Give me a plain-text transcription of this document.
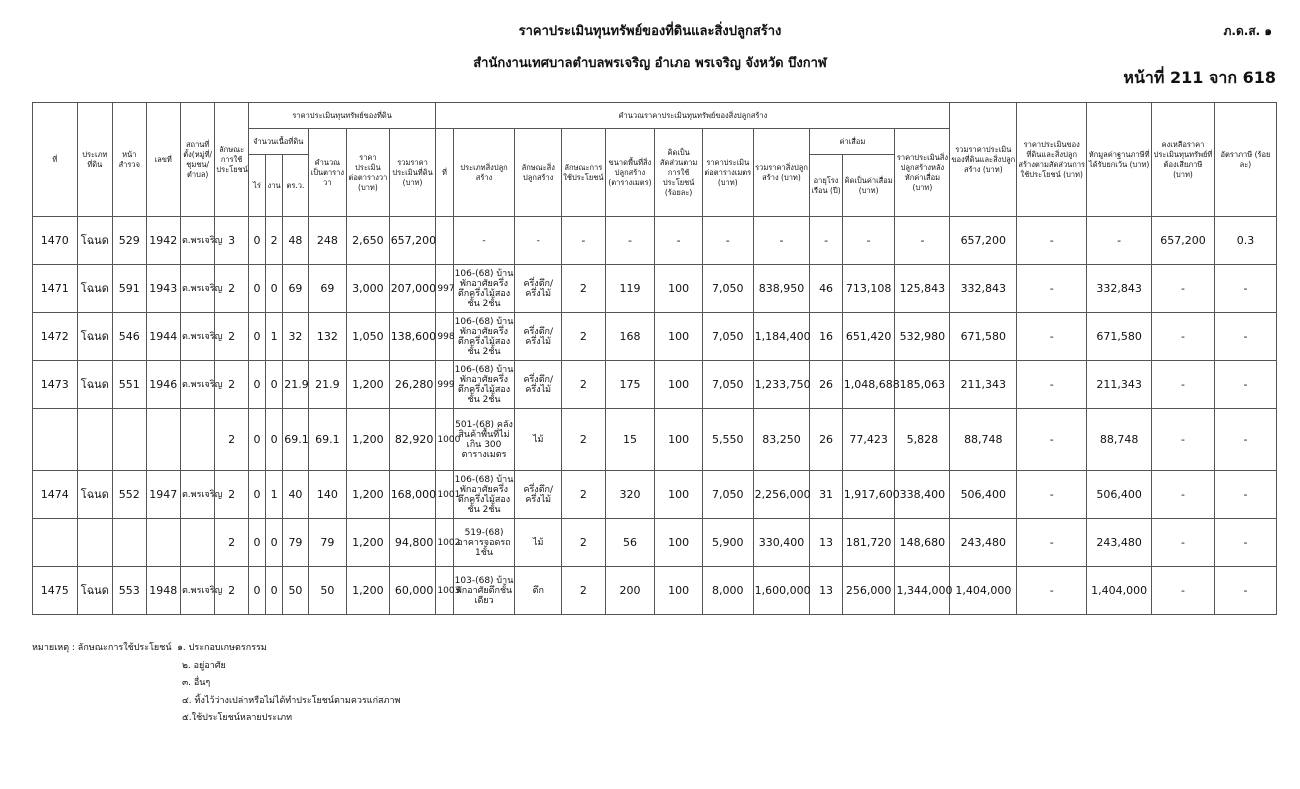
ราคาประเมินทุนทรัพย์ของที่ดินและสิ่งปลูกสร้าง
สำนักงานเทศบาลตำบลพรเจริญ อำเภอ พรเจริญ จังหวัด บึงกาฬ
ภ.ด.ส. ๑
หน้าที่ 211 จาก 618
ที่	ประเภทที่ดิน	หน้าสำรวจ	เลขที่	สถานที่ตั้ง(หมู่ที่/ชุมชน/ตำบล)	ลักษณะการใช้ประโยชน์	ราคาประเมินทุนทรัพย์ของที่ดิน						คำนวณราคาประเมินทุนทรัพย์ของสิ่งปลูกสร้าง											รวมราคาประเมินของที่ดินและสิ่งปลูกสร้าง (บาท)	ราคาประเมินของที่ดินและสิ่งปลูกสร้างตามสัดส่วนการใช้ประโยชน์ (บาท)	หักมูลค่าฐานภาษีที่ได้รับยกเว้น (บาท)	คงเหลือราคาประเมินทุนทรัพย์ที่ต้องเสียภาษี (บาท)	อัตราภาษี (ร้อยละ)
						จำนวนเนื้อที่ดิน			คำนวณเป็นตารางวา	ราคาประเมินต่อตารางวา (บาท)	รวมราคาประเมินที่ดิน (บาท)	ที่	ประเภทสิ่งปลูกสร้าง	ลักษณะสิ่งปลูกสร้าง	ลักษณะการใช้ประโยชน์	ขนาดพื้นที่สิ่งปลูกสร้าง (ตารางเมตร)	คิดเป็นสัดส่วนตามการใช้ประโยชน์ (ร้อยละ)	ราคาประเมินต่อตารางเมตร (บาท)	รวมราคาสิ่งปลูกสร้าง (บาท)	ค่าเสื่อม		ราคาประเมินสิ่งปลูกสร้างหลังหักค่าเสื่อม (บาท)					
						ไร่	งาน	ตร.ว.												อายุโรงเรือน (ปี)	คิดเป็นค่าเสื่อม (บาท)						
1470	โฉนด	529	1942	ต.พรเจริญ	3	0	2	48	248	2,650	657,200		-	-	-	-	-	-	-	-	-	-	657,200	-	-	657,200	0.3
1471	โฉนด	591	1943	ต.พรเจริญ	2	0	0	69	69	3,000	207,000	997	106-(68) บ้านพักอาศัยครึ่งตึกครึ่งไม้สองชั้น 2ชั้น	ครึ่งตึก/ครึ่งไม้	2	119	100	7,050	838,950	46	713,108	125,843	332,843	-	332,843	-	-
1472	โฉนด	546	1944	ต.พรเจริญ	2	0	1	32	132	1,050	138,600	998	106-(68) บ้านพักอาศัยครึ่งตึกครึ่งไม้สองชั้น 2ชั้น	ครึ่งตึก/ครึ่งไม้	2	168	100	7,050	1,184,400	16	651,420	532,980	671,580	-	671,580	-	-
1473	โฉนด	551	1946	ต.พรเจริญ	2	0	0	21.9	21.9	1,200	26,280	999	106-(68) บ้านพักอาศัยครึ่งตึกครึ่งไม้สองชั้น 2ชั้น	ครึ่งตึก/ครึ่งไม้	2	175	100	7,050	1,233,750	26	1,048,688	185,063	211,343	-	211,343	-	-
					2	0	0	69.1	69.1	1,200	82,920	1000	501-(68) คลังสินค้าพื้นที่ไม่เกิน 300 ตารางเมตร	ไม้	2	15	100	5,550	83,250	26	77,423	5,828	88,748	-	88,748	-	-
1474	โฉนด	552	1947	ต.พรเจริญ	2	0	1	40	140	1,200	168,000	1001	106-(68) บ้านพักอาศัยครึ่งตึกครึ่งไม้สองชั้น 2ชั้น	ครึ่งตึก/ครึ่งไม้	2	320	100	7,050	2,256,000	31	1,917,600	338,400	506,400	-	506,400	-	-
					2	0	0	79	79	1,200	94,800	1002	519-(68) อาคารจอดรถ 1ชั้น	ไม้	2	56	100	5,900	330,400	13	181,720	148,680	243,480	-	243,480	-	-
1475	โฉนด	553	1948	ต.พรเจริญ	2	0	0	50	50	1,200	60,000	1003	103-(68) บ้านพักอาศัยตึกชั้นเดียว	ตึก	2	200	100	8,000	1,600,000	13	256,000	1,344,000	1,404,000	-	1,404,000	-	-
หมายเหตุ : ลักษณะการใช้ประโยชน์ ๑. ประกอบเกษตรกรรม
๒. อยู่อาศัย
๓. อื่นๆ
๔. ทิ้งไว้ว่างเปล่าหรือไม่ได้ทำประโยชน์ตามควรแก่สภาพ
๕.ใช้ประโยชน์หลายประเภท
